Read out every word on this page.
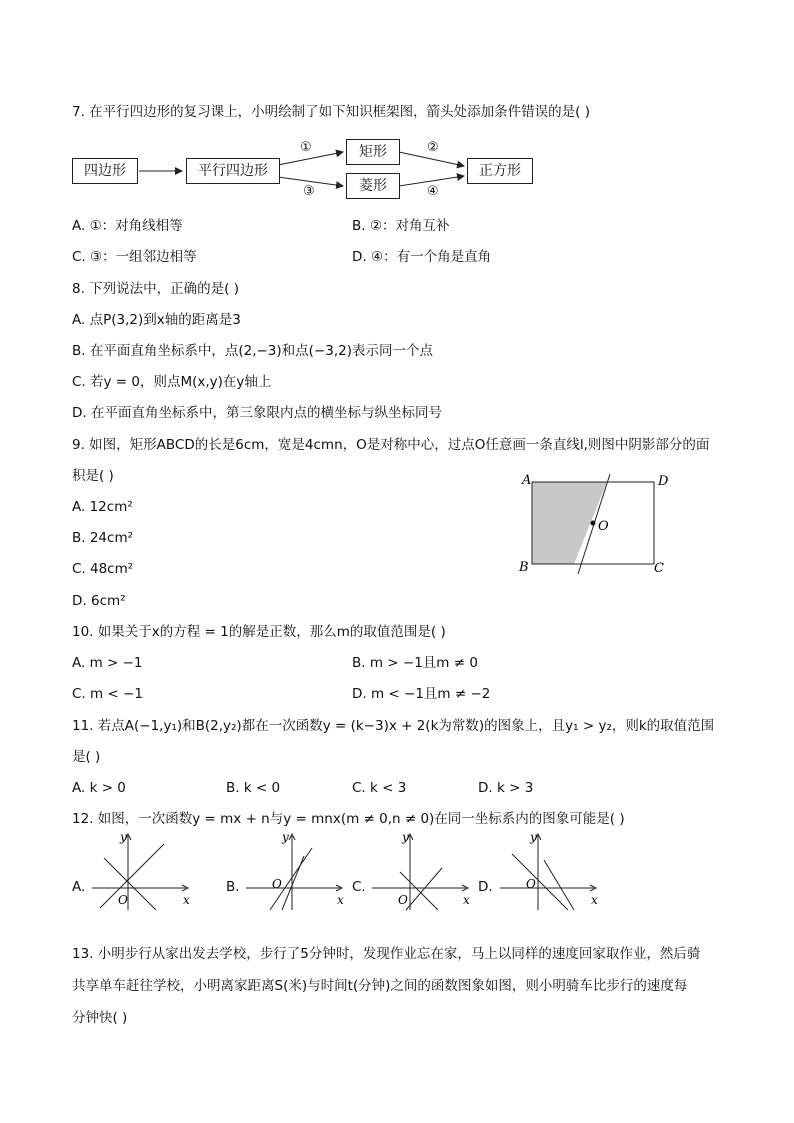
7. 在平行四边形的复习课上，小明绘制了如下知识框架图，箭头处添加条件错误的是( )
四边形	平行四边形
矩形
菱形
正方形
①	②
③	④
A. ①：对角线相等	B. ②：对角互补
C. ③：一组邻边相等	D. ④：有一个角是直角
8. 下列说法中，正确的是( )
A. 点P(3,2)到x轴的距离是3
B. 在平面直角坐标系中，点(2,−3)和点(−3,2)表示同一个点
C. 若y = 0，则点M(x,y)在y轴上
D. 在平面直角坐标系中，第三象限内点的横坐标与纵坐标同号
9. 如图，矩形ABCD的长是6cm，宽是4cmn，O是对称中心，过点O任意画一条直线l,则图中阴影部分的面
积是( )
A. 12cm²
B. 24cm²
C. 48cm²
D. 6cm²
A	D
B	C
O
10. 如果关于x的方程 = 1的解是正数，那么m的取值范围是( )
A. m > −1	B. m > −1且m ≠ 0
C. m < −1	D. m < −1且m ≠ −2
11. 若点A(−1,y₁)和B(2,y₂)都在一次函数y = (k−3)x + 2(k为常数)的图象上，且y₁ > y₂，则k的取值范围
是( )
A. k > 0	B. k < 0	C. k < 3	D. k > 3
12. 如图，一次函数y = mx + n与y = mnx(m ≠ 0,n ≠ 0)在同一坐标系内的图象可能是( )
A.	B.	C.	D.
y
x
O
y
x
O
y
x
O
y
x
O
13. 小明步行从家出发去学校，步行了5分钟时，发现作业忘在家，马上以同样的速度回家取作业，然后骑
共享单车赶往学校，小明离家距离S(米)与时间t(分钟)之间的函数图象如图，则小明骑车比步行的速度每
分钟快( )
